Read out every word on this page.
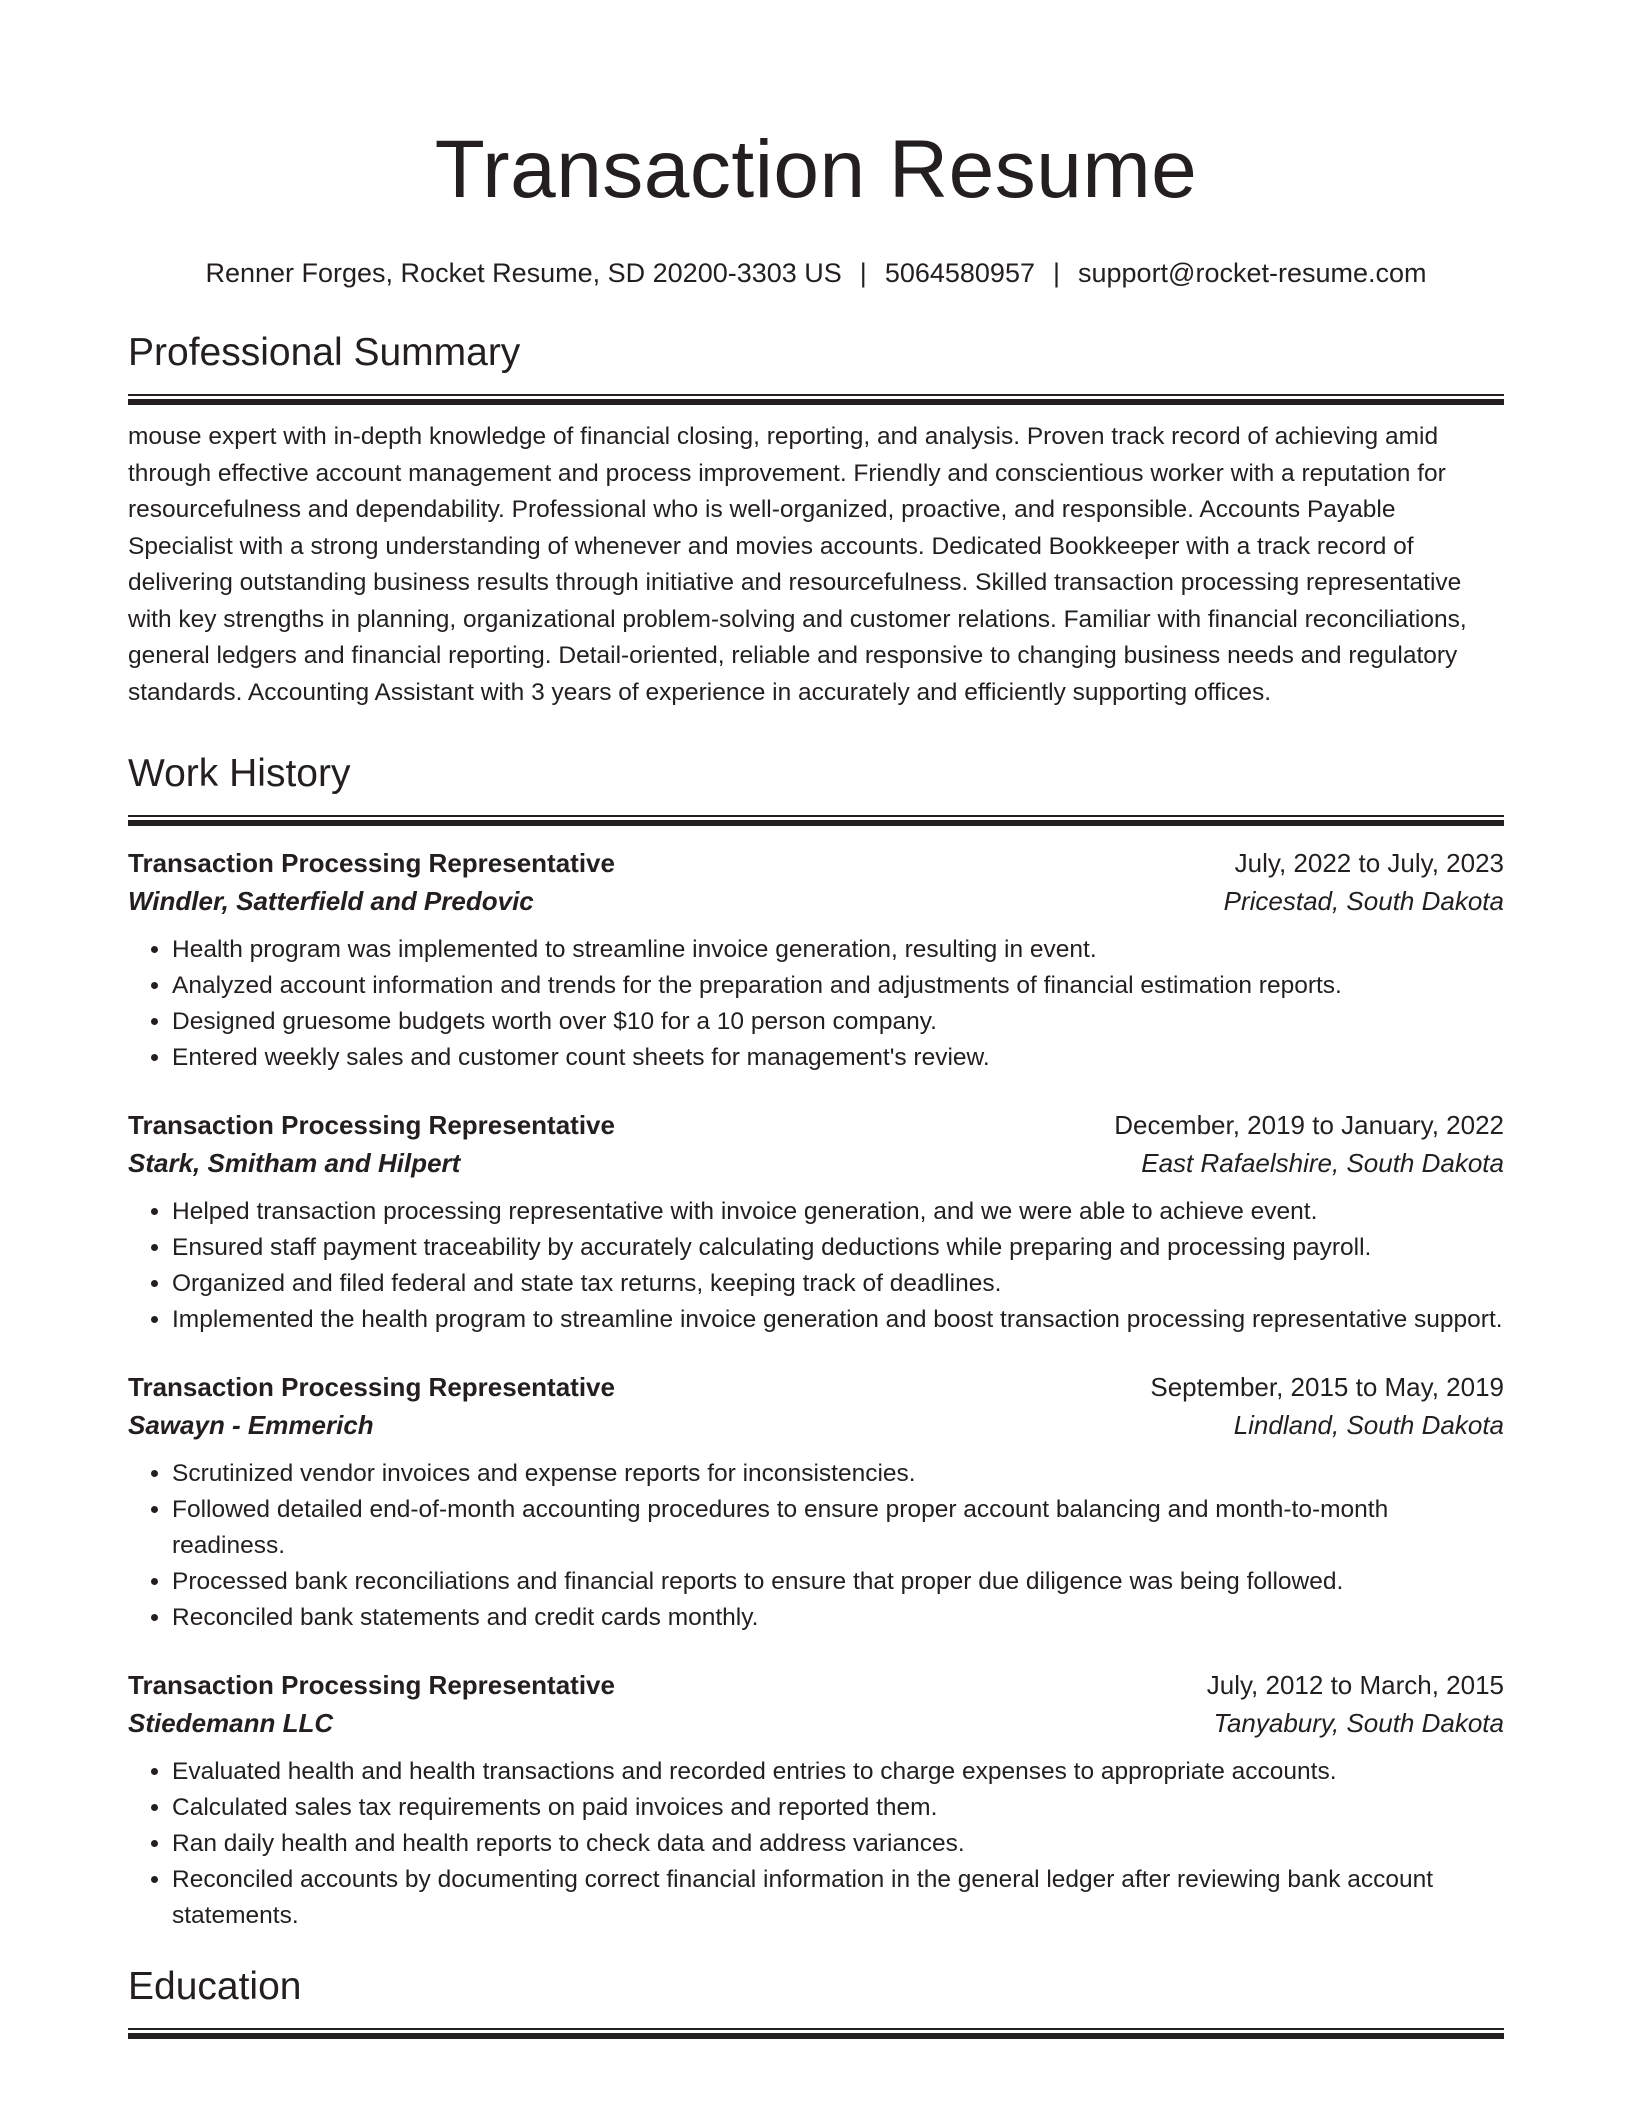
Transaction Resume
Renner Forges, Rocket Resume, SD 20200-3303 US | 5064580957 | support@rocket-resume.com
Professional Summary
mouse expert with in-depth knowledge of financial closing, reporting, and analysis. Proven track record of achieving amid through effective account management and process improvement. Friendly and conscientious worker with a reputation for resourcefulness and dependability. Professional who is well-organized, proactive, and responsible. Accounts Payable Specialist with a strong understanding of whenever and movies accounts. Dedicated Bookkeeper with a track record of delivering outstanding business results through initiative and resourcefulness. Skilled transaction processing representative with key strengths in planning, organizational problem-solving and customer relations. Familiar with financial reconciliations, general ledgers and financial reporting. Detail-oriented, reliable and responsive to changing business needs and regulatory standards. Accounting Assistant with 3 years of experience in accurately and efficiently supporting offices.
Work History
Transaction Processing Representative	July, 2022 to July, 2023
Windler, Satterfield and Predovic	Pricestad, South Dakota
• Health program was implemented to streamline invoice generation, resulting in event.
• Analyzed account information and trends for the preparation and adjustments of financial estimation reports.
• Designed gruesome budgets worth over $10 for a 10 person company.
• Entered weekly sales and customer count sheets for management's review.
Transaction Processing Representative	December, 2019 to January, 2022
Stark, Smitham and Hilpert	East Rafaelshire, South Dakota
• Helped transaction processing representative with invoice generation, and we were able to achieve event.
• Ensured staff payment traceability by accurately calculating deductions while preparing and processing payroll.
• Organized and filed federal and state tax returns, keeping track of deadlines.
• Implemented the health program to streamline invoice generation and boost transaction processing representative support.
Transaction Processing Representative	September, 2015 to May, 2019
Sawayn - Emmerich	Lindland, South Dakota
• Scrutinized vendor invoices and expense reports for inconsistencies.
• Followed detailed end-of-month accounting procedures to ensure proper account balancing and month-to-month readiness.
• Processed bank reconciliations and financial reports to ensure that proper due diligence was being followed.
• Reconciled bank statements and credit cards monthly.
Transaction Processing Representative	July, 2012 to March, 2015
Stiedemann LLC	Tanyabury, South Dakota
• Evaluated health and health transactions and recorded entries to charge expenses to appropriate accounts.
• Calculated sales tax requirements on paid invoices and reported them.
• Ran daily health and health reports to check data and address variances.
• Reconciled accounts by documenting correct financial information in the general ledger after reviewing bank account statements.
Education
